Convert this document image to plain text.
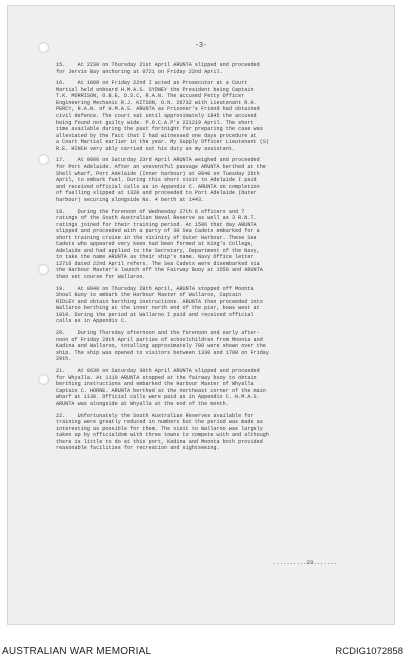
-3-
15.    At 2230 on Thursday 21st April ARUNTA slipped and proceeded
for Jervis Bay anchoring at 0721 on Friday 22nd April.
16.    At 1000 on Friday 22nd I acted as Prosecutor at a Court
Martial held onboard H.M.A.S. SYDNEY the President being Captain
T.K. MORRISON, O.B.E, D.S.C, R.A.N. The accused Petty Officer
Engineering Mechanic R.J. KITSON, O.N. 26732 with Lieutenant R.H.
PERCY, R.A.N. of H.M.A.S. ARUNTA as Prisoner's Friend had obtained
civil defence. The court sat until approximately 1845 the accused
being found not guilty wide. P.O.C.A.P's 221219 April. The short
time available during the past fortnight for preparing the case was
alleviated by the fact that I had witnessed one days procedure at
a Court Martial earlier in the year. My Supply Officer Lieutenant (S)
R.E. HINCH very ably carried out his duty as my assistant.
17.    At 0600 on Saturday 23rd April ARUNTA weighed and proceeded
for Port Adelaide. After an uneventful passage ARUNTA berthed at the
Shell wharf, Port Adelaide (Inner harbour) at 0840 on Tuesday 26th
April, to embark fuel. During this short visit to Adelaide I paid
and received official calls as in Appendix C. ARUNTA on completion
of fuelling slipped at 1320 and proceeded to Port Adelaide (Outer
harbour) securing alongside No. 4 berth at 1443.
18.    During the forenoon of Wednesday 27th 6 officers and 7
ratings of the South Australian Naval Reserve as well as 3 R.N.T.
ratings joined for their training period. At 1506 that day ARUNTA
slipped and proceeded with a party of 30 Sea Cadets embarked for a
short training cruise in the vicinity of Outer Harbour. These Sea
Cadets who appeared very keen had been formed at King's College,
Adelaide and had applied to the Secretary, Department of the Navy,
to take the name ARUNTA as their ship's name. Navy Office letter
12716 dated 22nd April refers. The Sea Cadets were disembarked via
the Harbour Master's launch off the Fairway Buoy at 1550 and ARUNTA
then set course for Wallaroo.
19.    At 0840 on Thursday 28th April, ARUNTA stopped off Moonta
Shoal Buoy to embark the Harbour Master of Wallaroo, Captain
RIDLEY and obtain berthing instructions. ARUNTA then proceeded into
Wallaroo berthing at the inner north end of the pier, bows west at
1010. During the period at Wallaroo I paid and received official
calls as in Appendix C.
20.    During Thursday afternoon and the forenoon and early after-
noon of Friday 29th April parties of schoolchildren from Moonta and
Kadina and Wallaroo, totalling approximately 700 were shown over the
ship. The ship was opened to visitors between 1330 and 1700 on Friday
29th.
21.    At 0630 on Saturday 30th April ARUNTA slipped and proceeded
for Whyalla. At 1110 ARUNTA stopped at the fairway buoy to obtain
berthing instructions and embarked the Harbour Master of Whyalla
Captain C. HORNE. ARUNTA berthed at the northeast corner of the main
wharf at 1130. Official calls were paid as in Appendix C. H.M.A.S.
ARUNTA was alongside at Whyalla at the end of the month.
22.    Unfortunately the South Australian Reserves available for
training were greatly reduced in numbers but the period was made as
interesting as possible for them. The visit to Wallaroo was largely
taken up by officialdom with three towns to compete with and although
there is little to do at this port, Kadina and Moonta both provided
reasonable facilities for recreation and sightseeing.
..........23.......
AUSTRALIAN WAR MEMORIAL	RCDIG1072858
